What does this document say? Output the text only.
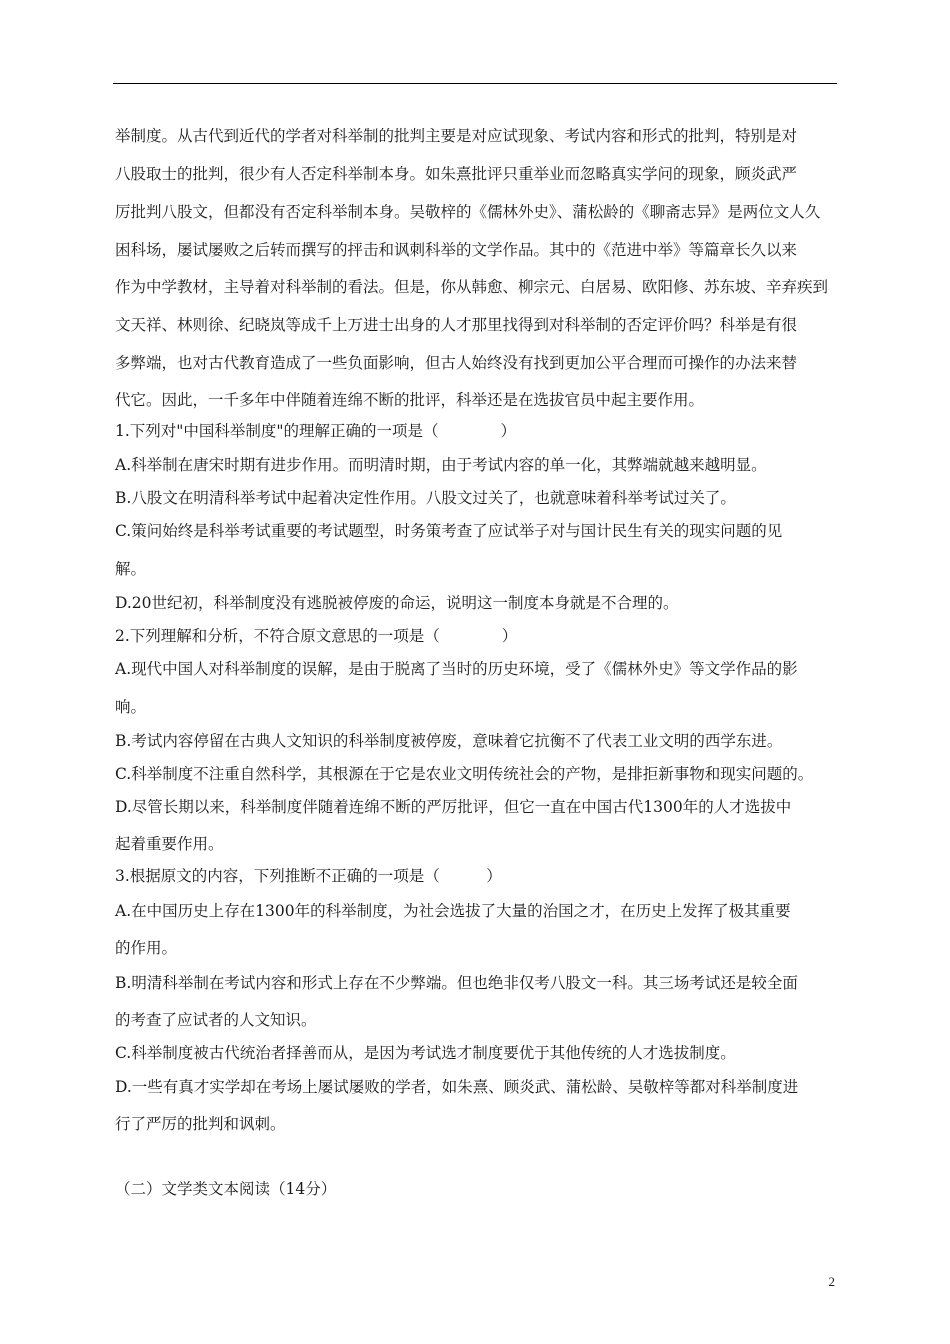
举制度。从古代到近代的学者对科举制的批判主要是对应试现象、考试内容和形式的批判，特别是对
八股取士的批判，很少有人否定科举制本身。如朱熹批评只重举业而忽略真实学问的现象，顾炎武严
厉批判八股文，但都没有否定科举制本身。吴敬梓的《儒林外史》、蒲松龄的《聊斋志异》是两位文人久
困科场，屡试屡败之后转而撰写的抨击和讽刺科举的文学作品。其中的《范进中举》等篇章长久以来
作为中学教材，主导着对科举制的看法。但是，你从韩愈、柳宗元、白居易、欧阳修、苏东坡、辛弃疾到
文天祥、林则徐、纪晓岚等成千上万进士出身的人才那里找得到对科举制的否定评价吗？科举是有很
多弊端，也对古代教育造成了一些负面影响，但古人始终没有找到更加公平合理而可操作的办法来替
代它。因此，一千多年中伴随着连绵不断的批评，科举还是在选拔官员中起主要作用。
1.下列对"中国科举制度"的理解正确的一项是（　　　　）
A.科举制在唐宋时期有进步作用。而明清时期，由于考试内容的单一化，其弊端就越来越明显。
B.八股文在明清科举考试中起着决定性作用。八股文过关了，也就意味着科举考试过关了。
C.策问始终是科举考试重要的考试题型，时务策考查了应试举子对与国计民生有关的现实问题的见
解。
D.20世纪初，科举制度没有逃脱被停废的命运，说明这一制度本身就是不合理的。
2.下列理解和分析，不符合原文意思的一项是（　　　　）
A.现代中国人对科举制度的误解，是由于脱离了当时的历史环境，受了《儒林外史》等文学作品的影
响。
B.考试内容停留在古典人文知识的科举制度被停废，意味着它抗衡不了代表工业文明的西学东进。
C.科举制度不注重自然科学，其根源在于它是农业文明传统社会的产物，是排拒新事物和现实问题的。
D.尽管长期以来，科举制度伴随着连绵不断的严厉批评，但它一直在中国古代1300年的人才选拔中
起着重要作用。
3.根据原文的内容，下列推断不正确的一项是（　　　）
A.在中国历史上存在1300年的科举制度，为社会选拔了大量的治国之才，在历史上发挥了极其重要
的作用。
B.明清科举制在考试内容和形式上存在不少弊端。但也绝非仅考八股文一科。其三场考试还是较全面
的考查了应试者的人文知识。
C.科举制度被古代统治者择善而从，是因为考试选才制度要优于其他传统的人才选拔制度。
D.一些有真才实学却在考场上屡试屡败的学者，如朱熹、顾炎武、蒲松龄、吴敬梓等都对科举制度进
行了严厉的批判和讽刺。
（二）文学类文本阅读（14分）
2
